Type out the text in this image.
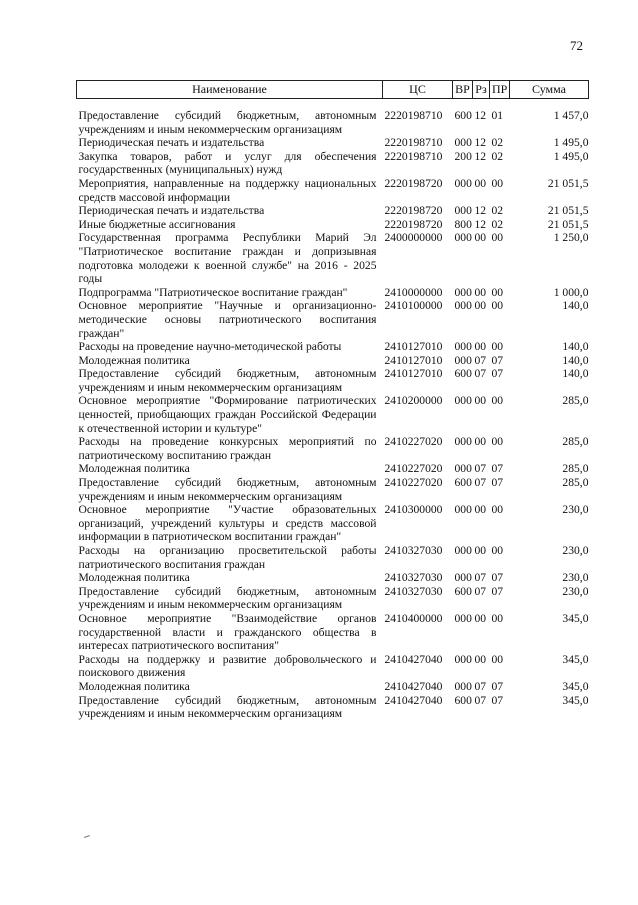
72
Наименование	ЦС	ВР	Рз	ПР	Сумма
Предоставление субсидий бюджетным, автономным учреждениям и иным некоммерческим организациям	2220198710	600	12	01	1 457,0
Периодическая печать и издательства	2220198710	000	12	02	1 495,0
Закупка товаров, работ и услуг для обеспечения государственных (муниципальных) нужд	2220198710	200	12	02	1 495,0
Мероприятия, направленные на поддержку национальных средств массовой информации	2220198720	000	00	00	21 051,5
Периодическая печать и издательства	2220198720	000	12	02	21 051,5
Иные бюджетные ассигнования	2220198720	800	12	02	21 051,5
Государственная программа Республики Марий Эл "Патриотическое воспитание граждан и допризывная подготовка молодежи к военной службе" на 2016 - 2025 годы	2400000000	000	00	00	1 250,0
Подпрограмма "Патриотическое воспитание граждан"	2410000000	000	00	00	1 000,0
Основное мероприятие "Научные и организационно-методические основы патриотического воспитания граждан"	2410100000	000	00	00	140,0
Расходы на проведение научно-методической работы	2410127010	000	00	00	140,0
Молодежная политика	2410127010	000	07	07	140,0
Предоставление субсидий бюджетным, автономным учреждениям и иным некоммерческим организациям	2410127010	600	07	07	140,0
Основное мероприятие "Формирование патриотических ценностей, приобщающих граждан Российской Федерации к отечественной истории и культуре"	2410200000	000	00	00	285,0
Расходы на проведение конкурсных мероприятий по патриотическому воспитанию граждан	2410227020	000	00	00	285,0
Молодежная политика	2410227020	000	07	07	285,0
Предоставление субсидий бюджетным, автономным учреждениям и иным некоммерческим организациям	2410227020	600	07	07	285,0
Основное мероприятие "Участие образовательных организаций, учреждений культуры и средств массовой информации в патриотическом воспитании граждан"	2410300000	000	00	00	230,0
Расходы на организацию просветительской работы патриотического воспитания граждан	2410327030	000	00	00	230,0
Молодежная политика	2410327030	000	07	07	230,0
Предоставление субсидий бюджетным, автономным учреждениям и иным некоммерческим организациям	2410327030	600	07	07	230,0
Основное мероприятие "Взаимодействие органов государственной власти и гражданского общества в интересах патриотического воспитания"	2410400000	000	00	00	345,0
Расходы на поддержку и развитие добровольческого и поискового движения	2410427040	000	00	00	345,0
Молодежная политика	2410427040	000	07	07	345,0
Предоставление субсидий бюджетным, автономным учреждениям и иным некоммерческим организациям	2410427040	600	07	07	345,0
